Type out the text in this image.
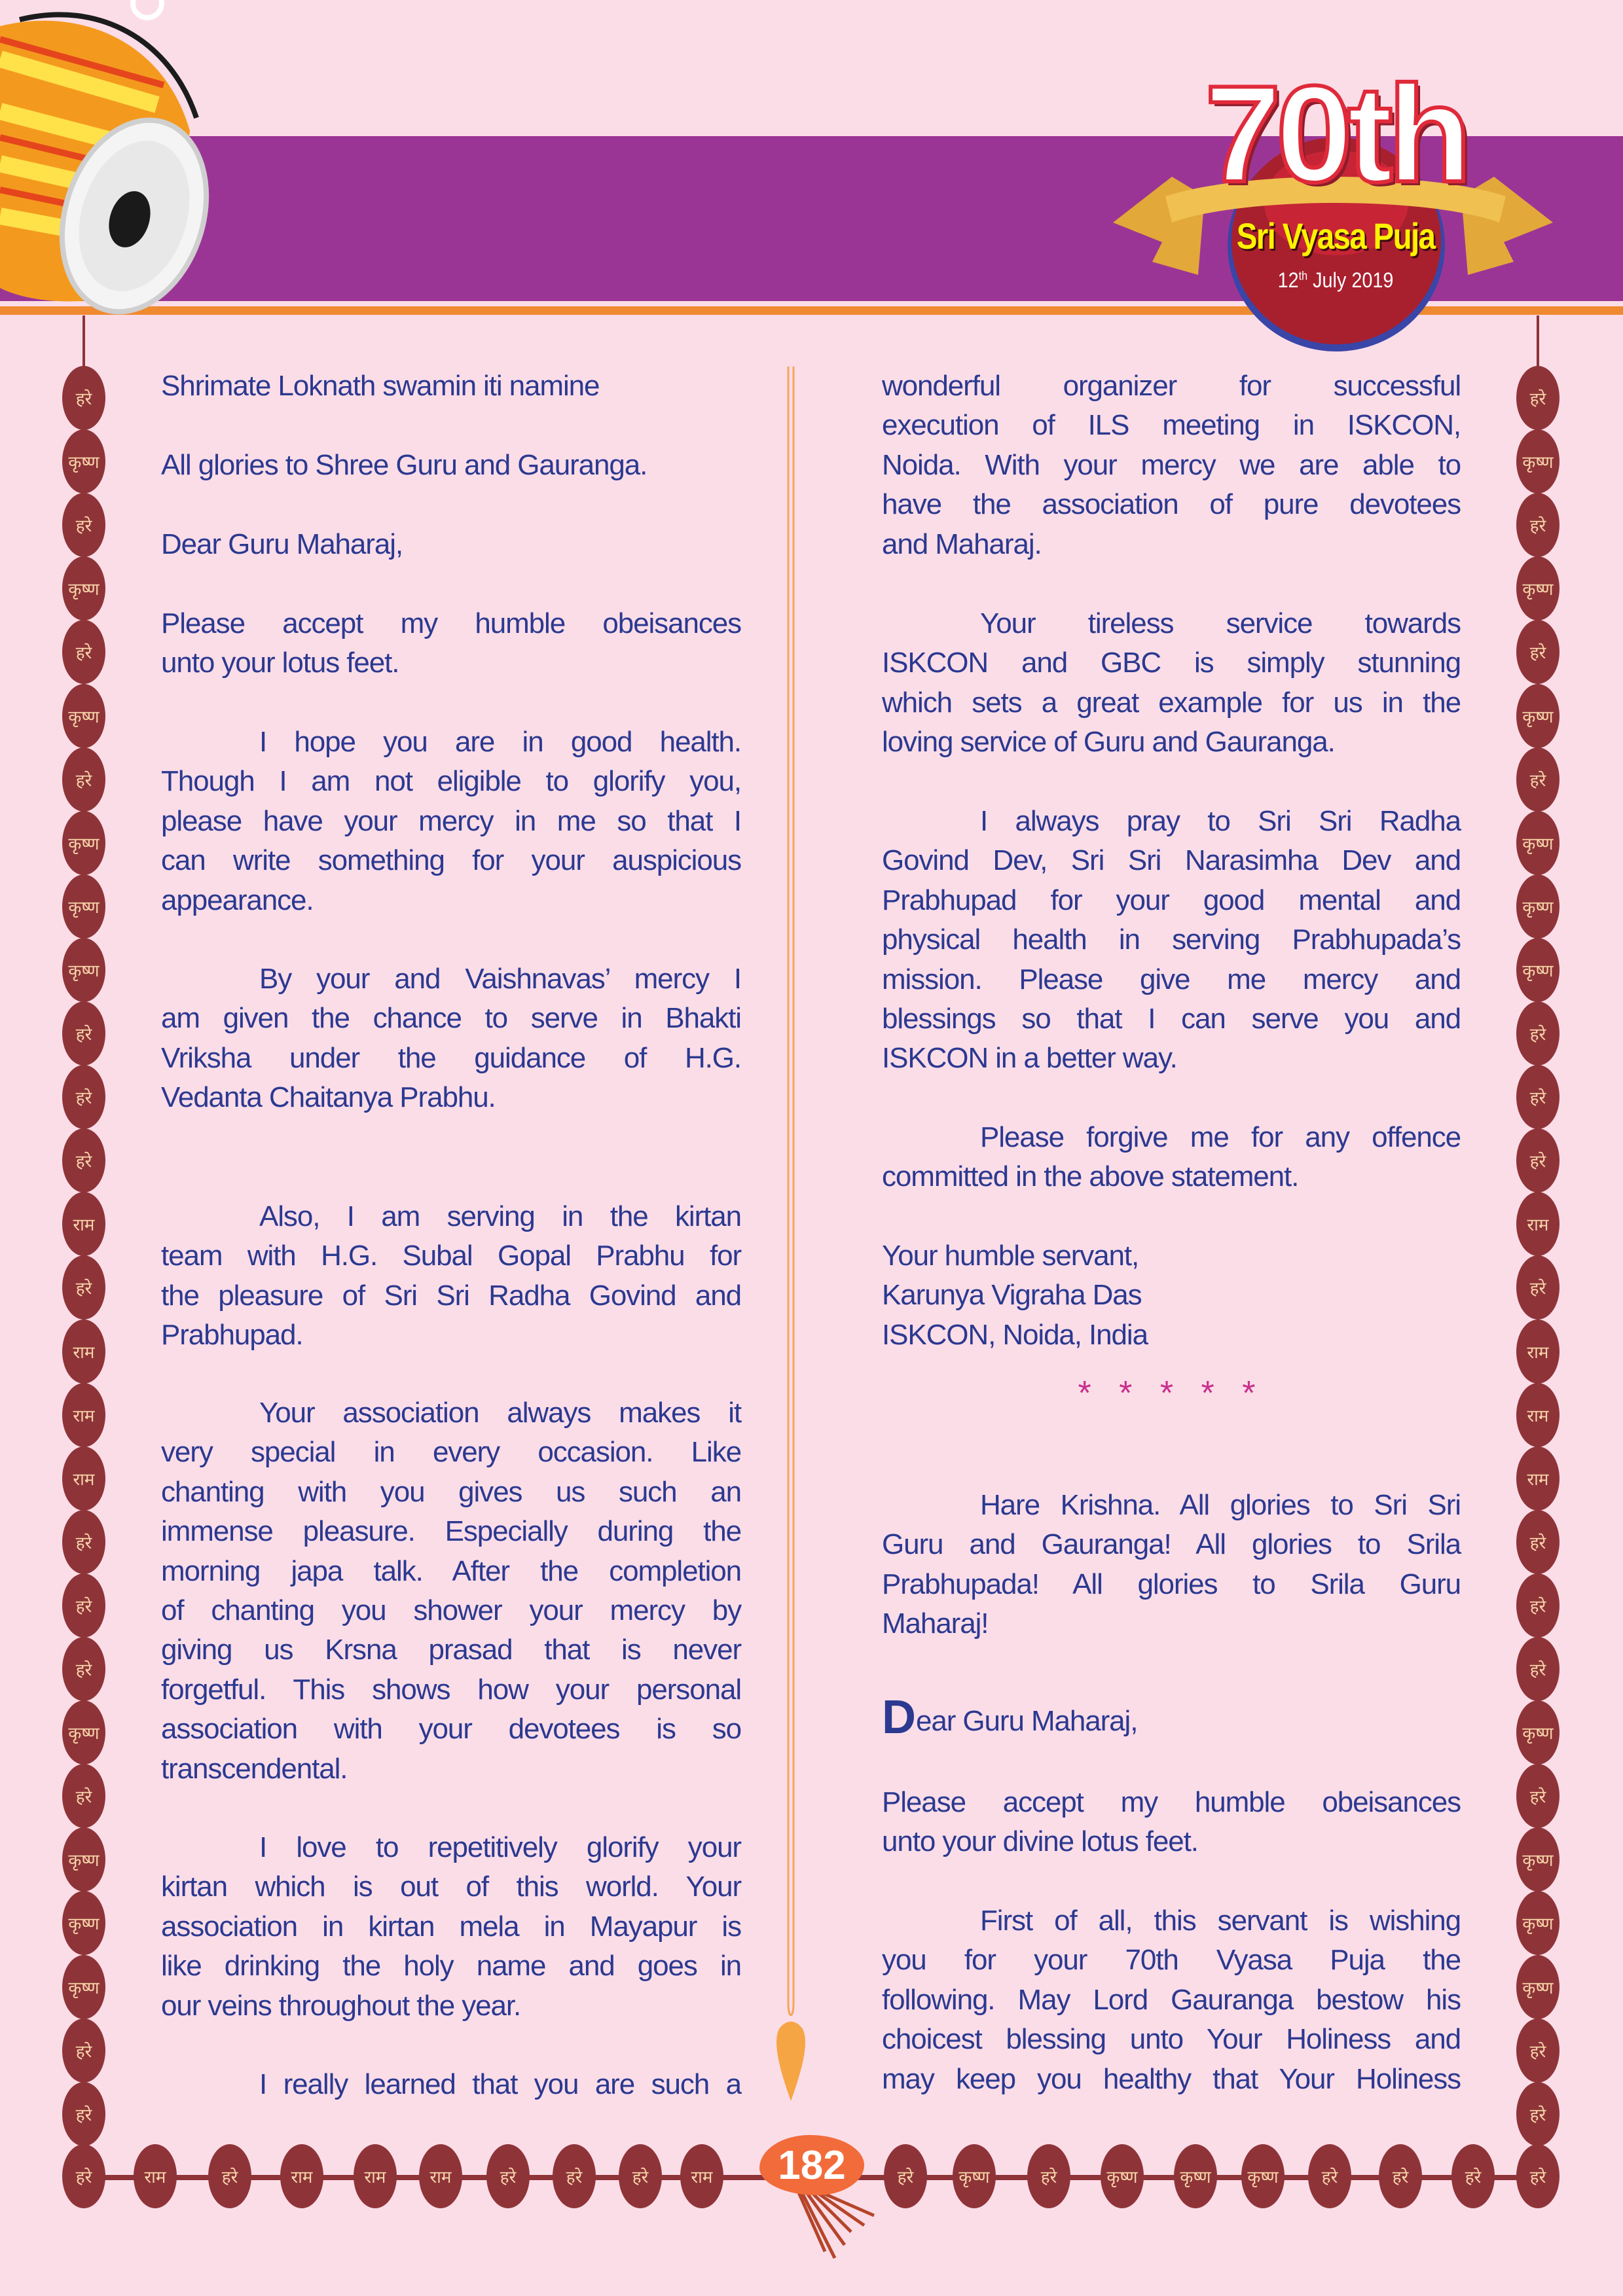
70th
Sri Vyasa Puja
12th July 2019
हरे
कृष्ण
हरे
कृष्ण
हरे
कृष्ण
हरे
कृष्ण
कृष्ण
कृष्ण
हरे
हरे
हरे
राम
हरे
राम
राम
राम
हरे
हरे
हरे
कृष्ण
हरे
कृष्ण
कृष्ण
कृष्ण
हरे
हरे
हरे
कृष्ण
हरे
कृष्ण
हरे
कृष्ण
हरे
कृष्ण
कृष्ण
कृष्ण
हरे
हरे
हरे
राम
हरे
राम
राम
राम
हरे
हरे
हरे
कृष्ण
हरे
कृष्ण
कृष्ण
कृष्ण
हरे
हरे
हरे	राम	हरे	राम	राम	राम	हरे	हरे	हरे	राम	हरे	कृष्ण	हरे	कृष्ण	कृष्ण	कृष्ण	हरे	हरे	हरे	हरे
Shrimate Loknath swamin iti namine
All glories to Shree Guru and Gauranga.
Dear Guru Maharaj,
Please accept my humble obeisances
unto your lotus feet.
I hope you are in good health.
Though I am not eligible to glorify you,
please have your mercy in me so that I
can write something for your auspicious
appearance.
By your and Vaishnavas’ mercy I
am given the chance to serve in Bhakti
Vriksha under the guidance of H.G.
Vedanta Chaitanya Prabhu.
Also, I am serving in the kirtan
team with H.G. Subal Gopal Prabhu for
the pleasure of Sri Sri Radha Govind and
Prabhupad.
Your association always makes it
very special in every occasion. Like
chanting with you gives us such an
immense pleasure. Especially during the
morning japa talk. After the completion
of chanting you shower your mercy by
giving us Krsna prasad that is never
forgetful. This shows how your personal
association with your devotees is so
transcendental.
I love to repetitively glorify your
kirtan which is out of this world. Your
association in kirtan mela in Mayapur is
like drinking the holy name and goes in
our veins throughout the year.
I really learned that you are such a
* * * * *
wonderful organizer for successful
execution of ILS meeting in ISKCON,
Noida. With your mercy we are able to
have the association of pure devotees
and Maharaj.
Your tireless service towards
ISKCON and GBC is simply stunning
which sets a great example for us in the
loving service of Guru and Gauranga.
I always pray to Sri Sri Radha
Govind Dev, Sri Sri Narasimha Dev and
Prabhupad for your good mental and
physical health in serving Prabhupada’s
mission. Please give me mercy and
blessings so that I can serve you and
ISKCON in a better way.
Please forgive me for any offence
committed in the above statement.
Your humble servant,
Karunya Vigraha Das
ISKCON, Noida, India
Hare Krishna. All glories to Sri Sri
Guru and Gauranga! All glories to Srila
Prabhupada! All glories to Srila Guru
Maharaj!
Dear Guru Maharaj,
Please accept my humble obeisances
unto your divine lotus feet.
First of all, this servant is wishing
you for your 70th Vyasa Puja the
following. May Lord Gauranga bestow his
choicest blessing unto Your Holiness and
may keep you healthy that Your Holiness
182
